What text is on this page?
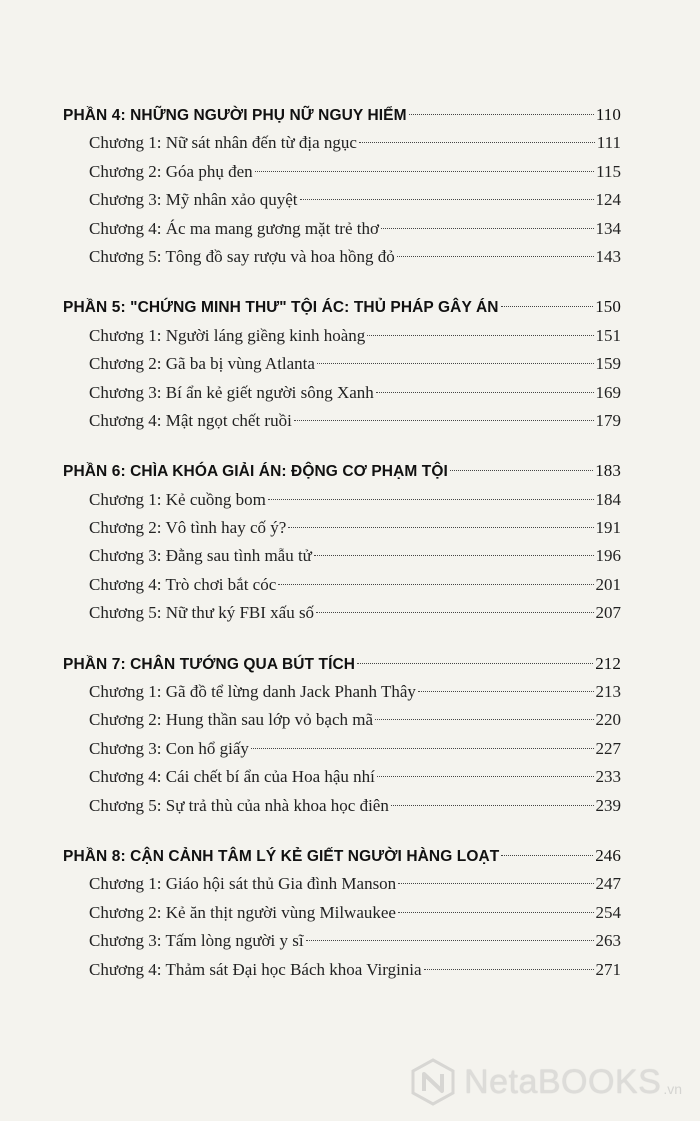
PHẦN 4: NHỮNG NGƯỜI PHỤ NỮ NGUY HIỂM	110
Chương 1: Nữ sát nhân đến từ địa ngục	111
Chương 2: Góa phụ đen	115
Chương 3: Mỹ nhân xảo quyệt	124
Chương 4: Ác ma mang gương mặt trẻ thơ	134
Chương 5: Tông đồ say rượu và hoa hồng đỏ	143
PHẦN 5: "CHỨNG MINH THƯ" TỘI ÁC: THỦ PHÁP GÂY ÁN	150
Chương 1: Người láng giềng kinh hoàng	151
Chương 2: Gã ba bị vùng Atlanta	159
Chương 3: Bí ẩn kẻ giết người sông Xanh	169
Chương 4: Mật ngọt chết ruồi	179
PHẦN 6: CHÌA KHÓA GIẢI ÁN: ĐỘNG CƠ PHẠM TỘI	183
Chương 1: Kẻ cuồng bom	184
Chương 2: Vô tình hay cố ý?	191
Chương 3: Đằng sau tình mẫu tử	196
Chương 4: Trò chơi bắt cóc	201
Chương 5: Nữ thư ký FBI xấu số	207
PHẦN 7: CHÂN TƯỚNG QUA BÚT TÍCH	212
Chương 1: Gã đồ tể lừng danh Jack Phanh Thây	213
Chương 2: Hung thần sau lớp vỏ bạch mã	220
Chương 3: Con hổ giấy	227
Chương 4: Cái chết bí ẩn của Hoa hậu nhí	233
Chương 5: Sự trả thù của nhà khoa học điên	239
PHẦN 8: CẬN CẢNH TÂM LÝ KẺ GIẾT NGƯỜI HÀNG LOẠT	246
Chương 1: Giáo hội sát thủ Gia đình Manson	247
Chương 2: Kẻ ăn thịt người vùng Milwaukee	254
Chương 3: Tấm lòng người y sĩ	263
Chương 4: Thảm sát Đại học Bách khoa Virginia	271
NetaBOOKS .vn
